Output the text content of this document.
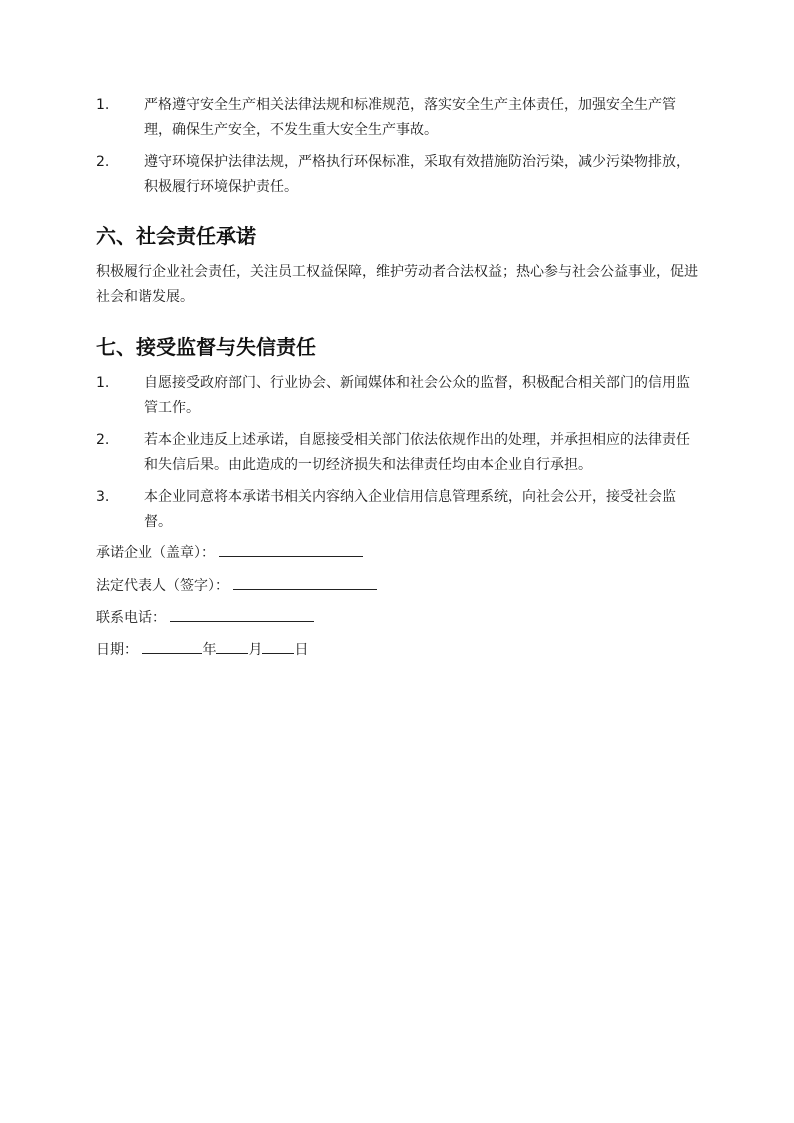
1.	严格遵守安全生产相关法律法规和标准规范，落实安全生产主体责任，加强安全生产管理，确保生产安全，不发生重大安全生产事故。
2.	遵守环境保护法律法规，严格执行环保标准，采取有效措施防治污染，减少污染物排放，积极履行环境保护责任。
六、社会责任承诺

积极履行企业社会责任，关注员工权益保障，维护劳动者合法权益；热心参与社会公益事业，促进社会和谐发展。

七、接受监督与失信责任
1.	自愿接受政府部门、行业协会、新闻媒体和社会公众的监督，积极配合相关部门的信用监管工作。
2.	若本企业违反上述承诺，自愿接受相关部门依法依规作出的处理，并承担相应的法律责任和失信后果。由此造成的一切经济损失和法律责任均由本企业自行承担。
3.	本企业同意将本承诺书相关内容纳入企业信用信息管理系统，向社会公开，接受社会监督。
承诺企业（盖章）：
法定代表人（签字）：
联系电话：
日期：	年 月 日
